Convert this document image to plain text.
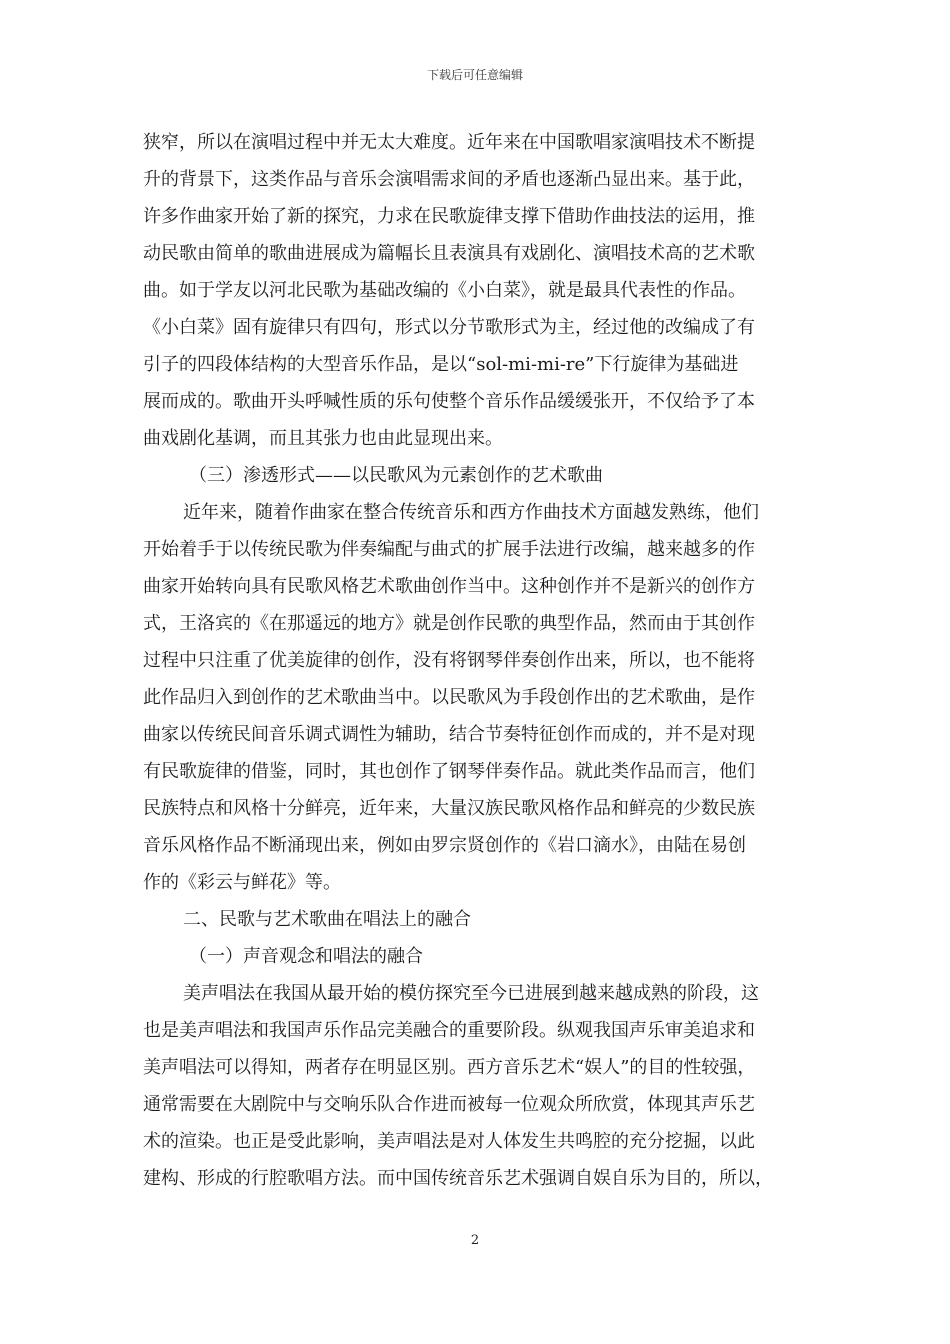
下载后可任意编辑
狭窄，所以在演唱过程中并无太大难度。近年来在中国歌唱家演唱技术不断提
升的背景下，这类作品与音乐会演唱需求间的矛盾也逐渐凸显出来。基于此，
许多作曲家开始了新的探究，力求在民歌旋律支撑下借助作曲技法的运用，推
动民歌由简单的歌曲进展成为篇幅长且表演具有戏剧化、演唱技术高的艺术歌
曲。如于学友以河北民歌为基础改编的《小白菜》，就是最具代表性的作品。
《小白菜》固有旋律只有四句，形式以分节歌形式为主，经过他的改编成了有
引子的四段体结构的大型音乐作品，是以“sol-mi-mi-re”下行旋律为基础进
展而成的。歌曲开头呼喊性质的乐句使整个音乐作品缓缓张开，不仅给予了本
曲戏剧化基调，而且其张力也由此显现出来。
（三）渗透形式——以民歌风为元素创作的艺术歌曲
近年来，随着作曲家在整合传统音乐和西方作曲技术方面越发熟练，他们
开始着手于以传统民歌为伴奏编配与曲式的扩展手法进行改编，越来越多的作
曲家开始转向具有民歌风格艺术歌曲创作当中。这种创作并不是新兴的创作方
式，王洛宾的《在那遥远的地方》就是创作民歌的典型作品，然而由于其创作
过程中只注重了优美旋律的创作，没有将钢琴伴奏创作出来，所以，也不能将
此作品归入到创作的艺术歌曲当中。以民歌风为手段创作出的艺术歌曲，是作
曲家以传统民间音乐调式调性为辅助，结合节奏特征创作而成的，并不是对现
有民歌旋律的借鉴，同时，其也创作了钢琴伴奏作品。就此类作品而言，他们
民族特点和风格十分鲜亮，近年来，大量汉族民歌风格作品和鲜亮的少数民族
音乐风格作品不断涌现出来，例如由罗宗贤创作的《岩口滴水》，由陆在易创
作的《彩云与鲜花》等。
二、民歌与艺术歌曲在唱法上的融合
（一）声音观念和唱法的融合
美声唱法在我国从最开始的模仿探究至今已进展到越来越成熟的阶段，这
也是美声唱法和我国声乐作品完美融合的重要阶段。纵观我国声乐审美追求和
美声唱法可以得知，两者存在明显区别。西方音乐艺术“娱人”的目的性较强，
通常需要在大剧院中与交响乐队合作进而被每一位观众所欣赏，体现其声乐艺
术的渲染。也正是受此影响，美声唱法是对人体发生共鸣腔的充分挖掘，以此
建构、形成的行腔歌唱方法。而中国传统音乐艺术强调自娱自乐为目的，所以，
2
